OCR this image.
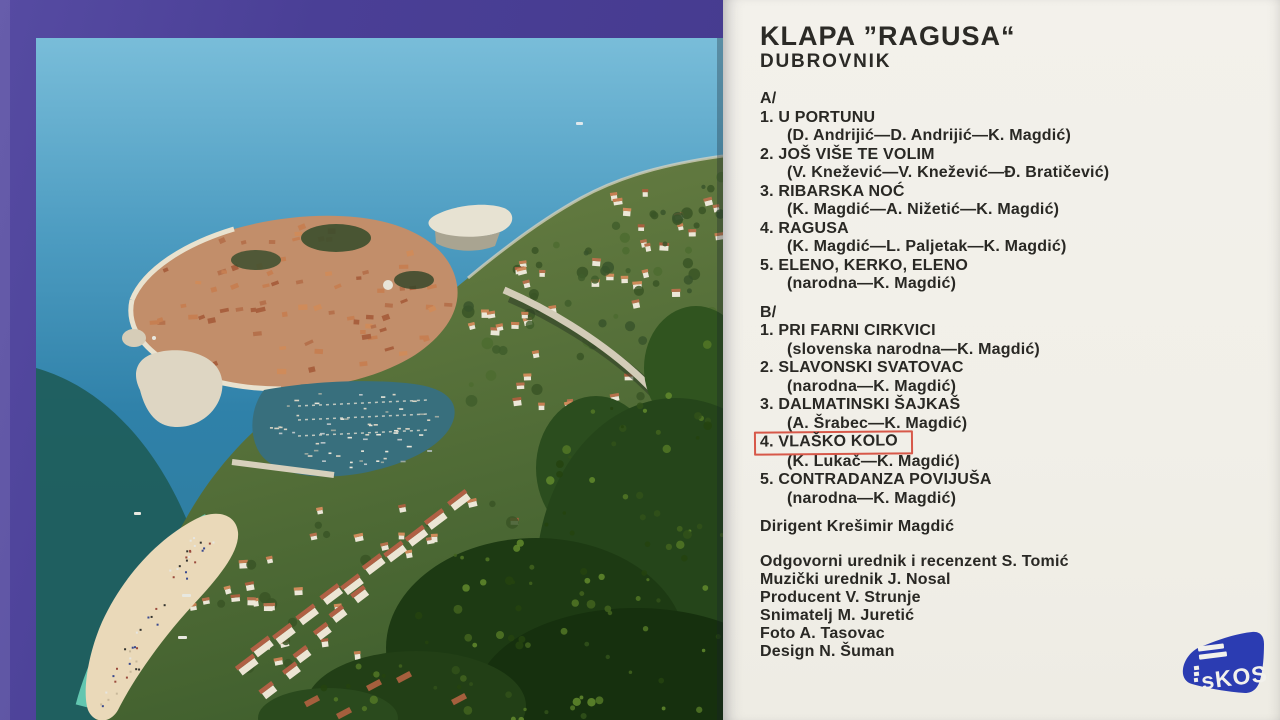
KLAPA ”RAGUSA“
DUBROVNIK
A/
1. U PORTUNU
(D. Andrijić—D. Andrijić—K. Magdić)
2. JOŠ VIŠE TE VOLIM
(V. Knežević—V. Knežević—Đ. Bratičević)
3. RIBARSKA NOĆ
(K. Magdić—A. Nižetić—K. Magdić)
4. RAGUSA
(K. Magdić—L. Paljetak—K. Magdić)
5. ELENO, KERKO, ELENO
(narodna—K. Magdić)
B/
1. PRI FARNI CIRKVICI
(slovenska narodna—K. Magdić)
2. SLAVONSKI SVATOVAC
(narodna—K. Magdić)
3. DALMATINSKI ŠAJKAŠ
(A. Šrabec—K. Magdić)
4. VLAŠKO KOLO
(K. Lukač—K. Magdić)
5. CONTRADANZA POVIJUŠA
(narodna—K. Magdić)
Dirigent Krešimir Magdić
Odgovorni urednik i recenzent S. Tomić
Muzički urednik J. Nosal
Producent V. Strunje
Snimatelj M. Juretić
Foto A. Tasovac
Design N. Šuman
sKOS
